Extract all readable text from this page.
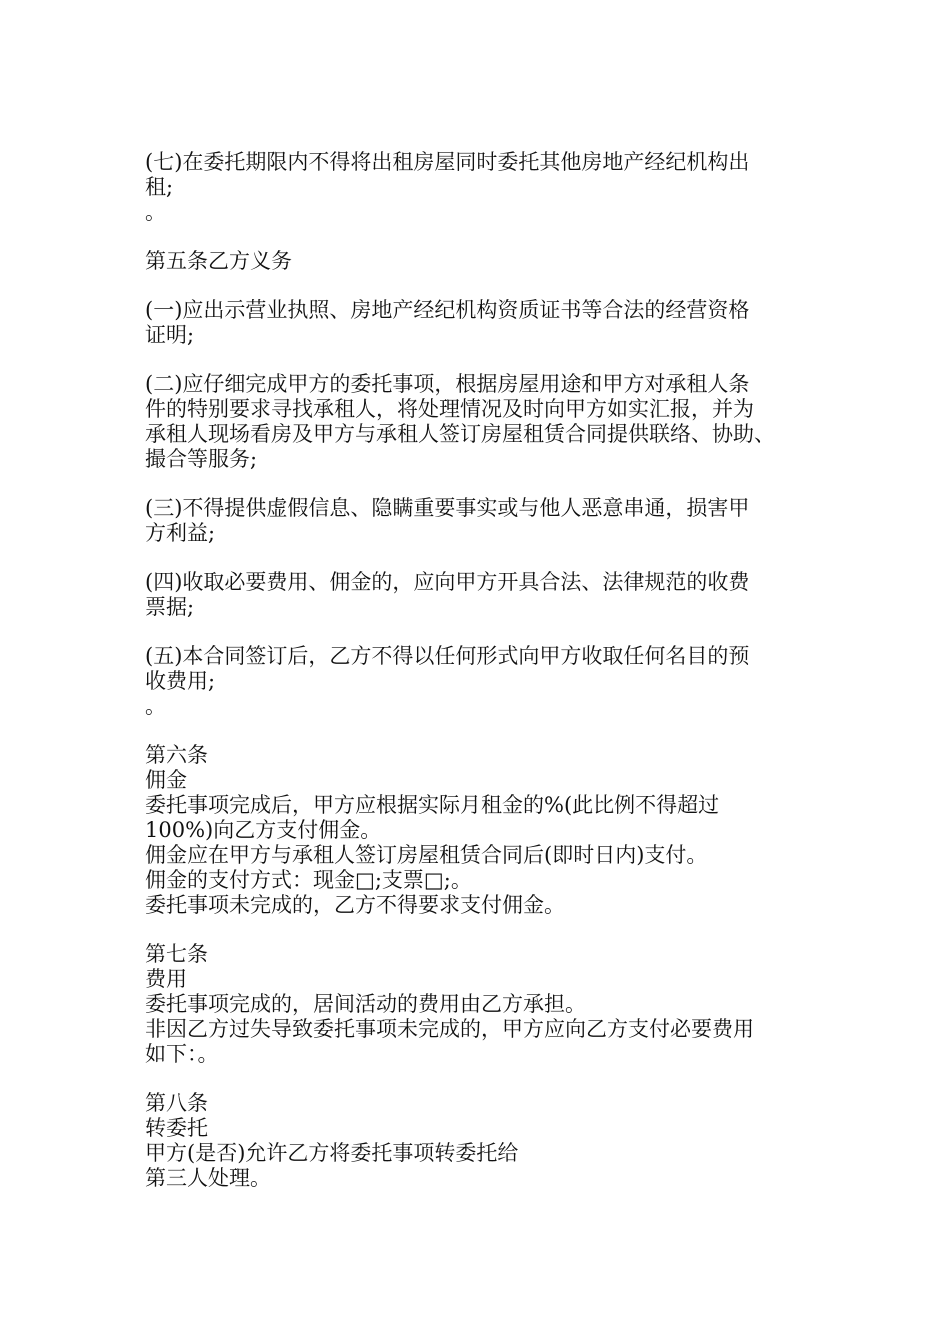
(七)在委托期限内不得将出租房屋同时委托其他房地产经纪机构出
租;
。
第五条乙方义务
(一)应出示营业执照、房地产经纪机构资质证书等合法的经营资格
证明;
(二)应仔细完成甲方的委托事项，根据房屋用途和甲方对承租人条
件的特别要求寻找承租人，将处理情况及时向甲方如实汇报，并为
承租人现场看房及甲方与承租人签订房屋租赁合同提供联络、协助、
撮合等服务;
(三)不得提供虚假信息、隐瞒重要事实或与他人恶意串通，损害甲
方利益;
(四)收取必要费用、佣金的，应向甲方开具合法、法律规范的收费
票据;
(五)本合同签订后，乙方不得以任何形式向甲方收取任何名目的预
收费用;
。
第六条
佣金
委托事项完成后，甲方应根据实际月租金的%(此比例不得超过
100%)向乙方支付佣金。
佣金应在甲方与承租人签订房屋租赁合同后(即时日内)支付。
佣金的支付方式：现金□;支票□;。
委托事项未完成的，乙方不得要求支付佣金。
第七条
费用
委托事项完成的，居间活动的费用由乙方承担。
非因乙方过失导致委托事项未完成的，甲方应向乙方支付必要费用
如下：。
第八条
转委托
甲方(是否)允许乙方将委托事项转委托给
第三人处理。
